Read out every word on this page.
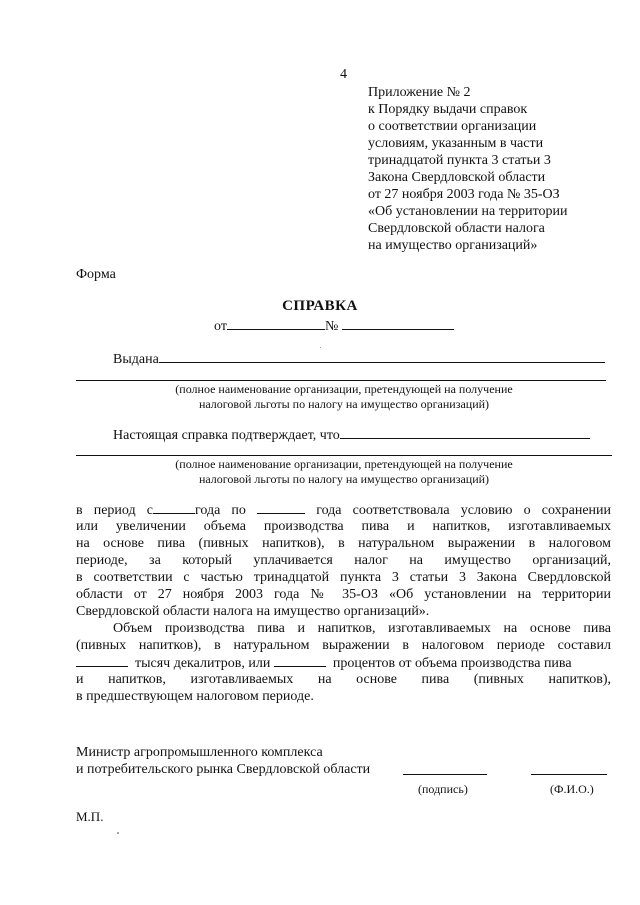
4
Приложение № 2
к Порядку выдачи справок
о соответствии организации
условиям, указанным в части
тринадцатой пункта 3 статьи 3
Закона Свердловской области
от 27 ноября 2003 года № 35-ОЗ
«Об установлении на территории
Свердловской области налога
на имущество организаций»
Форма
СПРАВКА
от	№
Выдана
(полное наименование организации, претендующей на получение
налоговой льготы по налогу на имущество организаций)
Настоящая справка подтверждает, что
(полное наименование организации, претендующей на получение
налоговой льготы по налогу на имущество организаций)
в период с	года по	года соответствовала условию о сохранении
или увеличении объема производства пива и напитков, изготавливаемых
на основе пива (пивных напитков), в натуральном выражении в налоговом
периоде, за который уплачивается налог на имущество организаций,
в соответствии с частью тринадцатой пункта 3 статьи 3 Закона Свердловской
области от 27 ноября 2003 года № 35-ОЗ «Об установлении на территории
Свердловской области налога на имущество организаций».
Объем производства пива и напитков, изготавливаемых на основе пива
(пивных напитков), в натуральном выражении в налоговом периоде составил
тысяч декалитров, или	процентов от объема производства пива
и напитков, изготавливаемых на основе пива (пивных напитков),
в предшествующем налоговом периоде.
Министр агропромышленного комплекса
и потребительского рынка Свердловской области
(подпись)	(Ф.И.О.)
М.П.
